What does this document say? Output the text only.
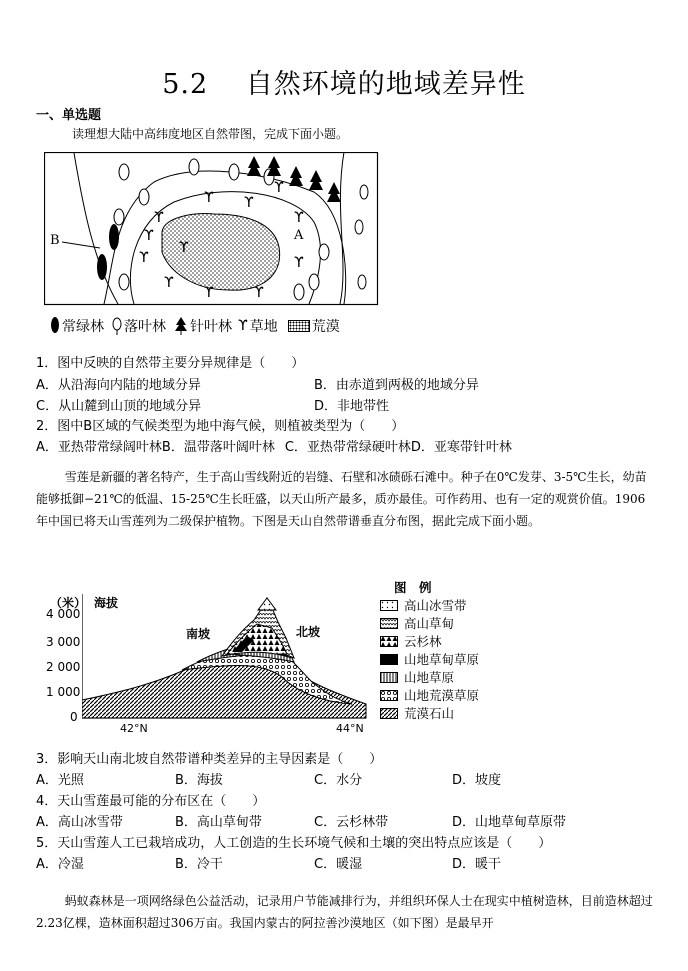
5.2　 自然环境的地域差异性
一、单选题
读理想大陆中高纬度地区自然带图，完成下面小题。
ϒ
ϒ
ϒ
ϒ ϒ
ϒ
ϒ
ϒ	ϒ
ϒ
ϒ
ϒ	A
B
常绿林 落叶林 针叶林 ϒ 草地 荒漠
1．图中反映的自然带主要分异规律是（　　）
A．从沿海向内陆的地域分异	B．由赤道到两极的地域分异
C．从山麓到山顶的地域分异	D．非地带性
2．图中B区域的气候类型为地中海气候，则植被类型为（　　）
A．亚热带常绿阔叶林B．温带落叶阔叶林 C．亚热带常绿硬叶林D．亚寒带针叶林
雪莲是新疆的著名特产，生于高山雪线附近的岩缝、石壁和冰碛砾石滩中。种子在0℃发芽、3-5℃生长，幼苗能够抵御−21℃的低温、15-25℃生长旺盛，以天山所产最多，质亦最佳。可作药用、也有一定的观赏价值。1906年中国已将天山雪莲列为二级保护植物。下图是天山自然带谱垂直分布图，据此完成下面小题。
（米） 海拔
4 000
3 000
2 000
1 000
0
南坡	北坡
42°N	44°N
图　例
高山冰雪带
高山草甸
云杉林
山地草甸草原
山地草原
山地荒漠草原
荒漠石山
3．影响天山南北坡自然带谱种类差异的主导因素是（　　）
A．光照	B．海拔	C．水分	D．坡度
4．天山雪莲最可能的分布区在（　　）
A．高山冰雪带	B．高山草甸带	C．云杉林带	D．山地草甸草原带
5．天山雪莲人工已栽培成功，人工创造的生长环境气候和土壤的突出特点应该是（　　）
A．冷湿	B．冷干	C．暖湿	D．暖干
蚂蚁森林是一项网络绿色公益活动，记录用户节能减排行为，并组织环保人士在现实中植树造林，目前造林超过2.23亿棵，造林面积超过306万亩。我国内蒙古的阿拉善沙漠地区（如下图）是最早开
